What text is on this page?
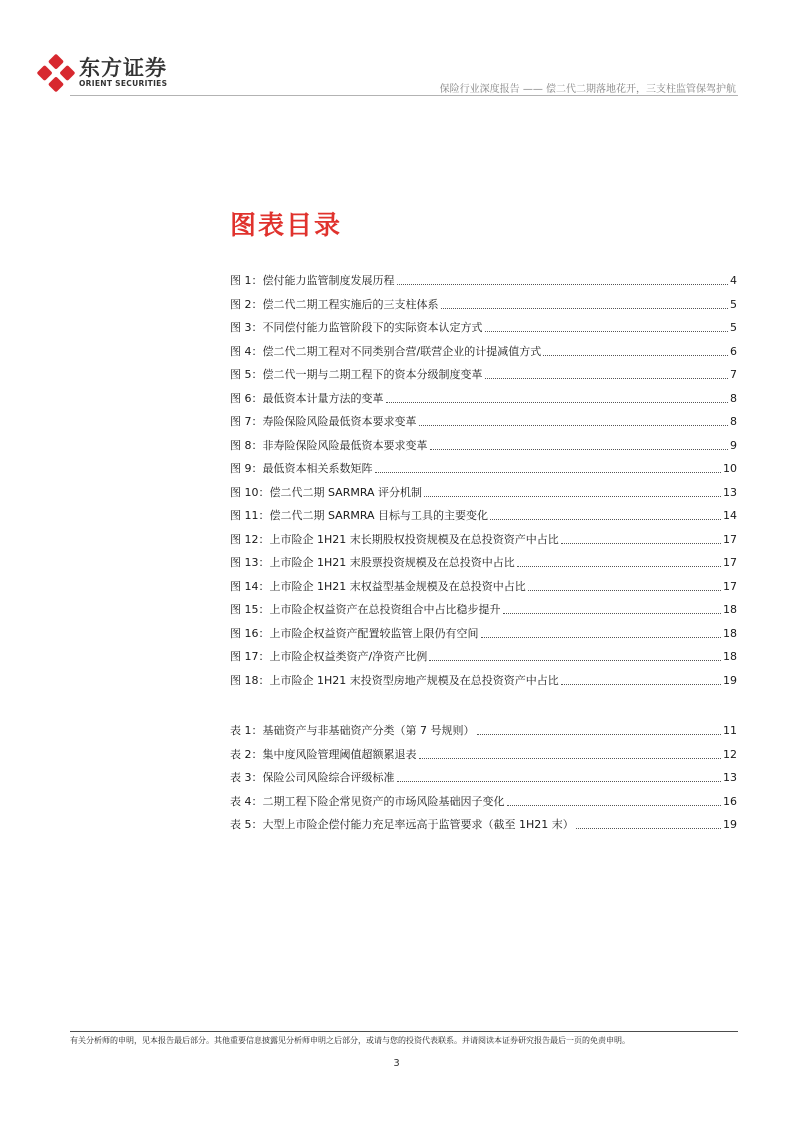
东方证券
ORIENT SECURITIES
保险行业深度报告 —— 偿二代二期落地花开，三支柱监管保驾护航
图表目录
图 1：偿付能力监管制度发展历程	4
图 2：偿二代二期工程实施后的三支柱体系	5
图 3：不同偿付能力监管阶段下的实际资本认定方式	5
图 4：偿二代二期工程对不同类别合营/联营企业的计提减值方式	6
图 5：偿二代一期与二期工程下的资本分级制度变革	7
图 6：最低资本计量方法的变革	8
图 7：寿险保险风险最低资本要求变革	8
图 8：非寿险保险风险最低资本要求变革	9
图 9：最低资本相关系数矩阵	10
图 10：偿二代二期 SARMRA 评分机制	13
图 11：偿二代二期 SARMRA 目标与工具的主要变化	14
图 12：上市险企 1H21 末长期股权投资规模及在总投资资产中占比	17
图 13：上市险企 1H21 末股票投资规模及在总投资中占比	17
图 14：上市险企 1H21 末权益型基金规模及在总投资中占比	17
图 15：上市险企权益资产在总投资组合中占比稳步提升	18
图 16：上市险企权益资产配置较监管上限仍有空间	18
图 17：上市险企权益类资产/净资产比例	18
图 18：上市险企 1H21 末投资型房地产规模及在总投资资产中占比	19
表 1：基础资产与非基础资产分类（第 7 号规则）	11
表 2：集中度风险管理阈值超额累退表	12
表 3：保险公司风险综合评级标准	13
表 4：二期工程下险企常见资产的市场风险基础因子变化	16
表 5：大型上市险企偿付能力充足率远高于监管要求（截至 1H21 末）	19
有关分析师的申明，见本报告最后部分。其他重要信息披露见分析师申明之后部分，或请与您的投资代表联系。并请阅读本证券研究报告最后一页的免责申明。
3
